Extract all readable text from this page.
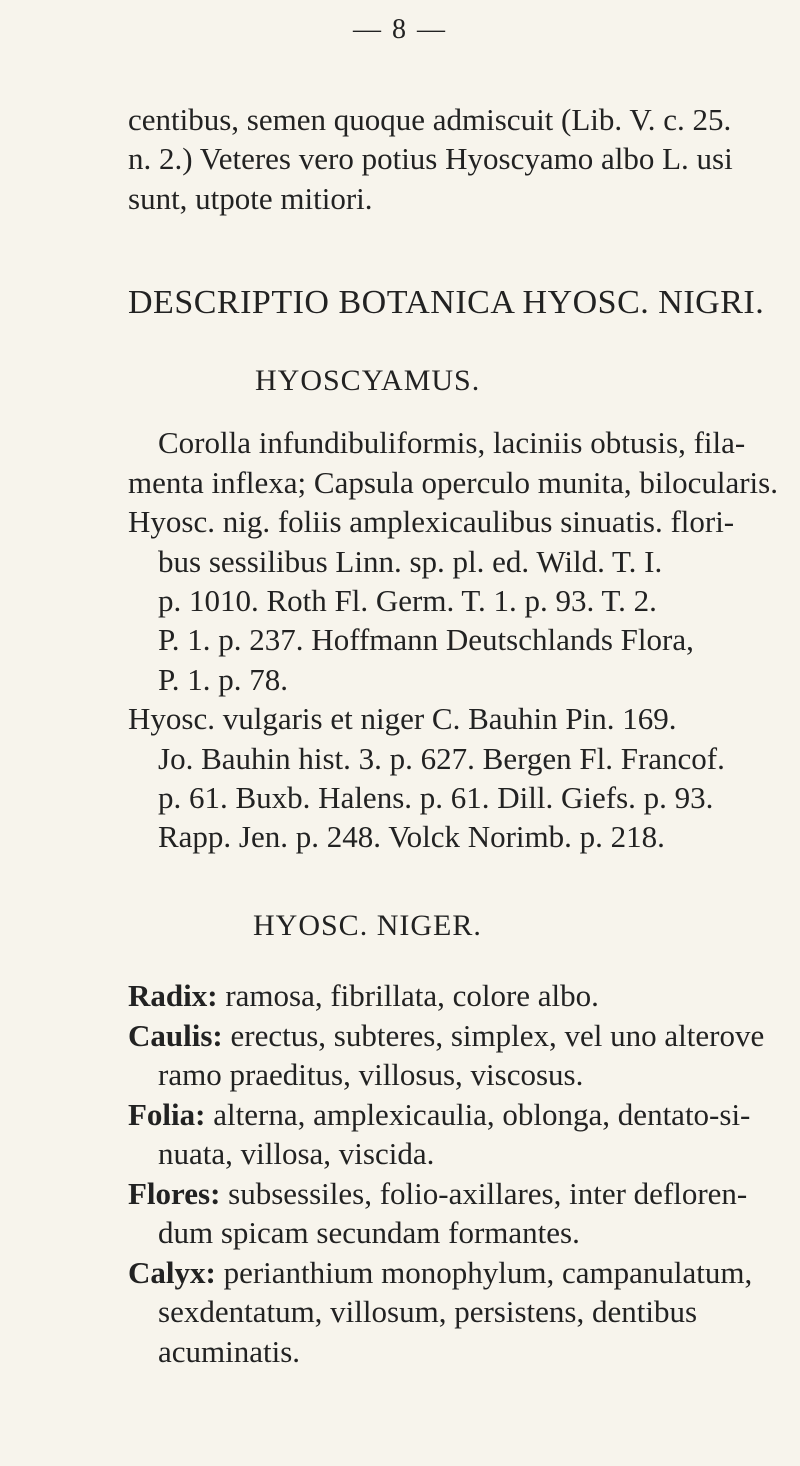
— 8 —
centibus, semen quoque admiscuit (Lib. V. c. 25.
n. 2.) Veteres vero potius Hyoscyamo albo L. usi
sunt, utpote mitiori.
DESCRIPTIO BOTANICA HYOSC. NIGRI.
HYOSCYAMUS.
Corolla infundibuliformis, laciniis obtusis, fila-
menta inflexa; Capsula operculo munita, bilocularis.
Hyosc. nig. foliis amplexicaulibus sinuatis. flori-
bus sessilibus Linn. sp. pl. ed. Wild. T. I.
p. 1010. Roth Fl. Germ. T. 1. p. 93. T. 2.
P. 1. p. 237. Hoffmann Deutschlands Flora,
P. 1. p. 78.
Hyosc. vulgaris et niger C. Bauhin Pin. 169.
Jo. Bauhin hist. 3. p. 627. Bergen Fl. Francof.
p. 61. Buxb. Halens. p. 61. Dill. Giefs. p. 93.
Rapp. Jen. p. 248. Volck Norimb. p. 218.
HYOSC. NIGER.
Radix: ramosa, fibrillata, colore albo.
Caulis: erectus, subteres, simplex, vel uno alterove
ramo praeditus, villosus, viscosus.
Folia: alterna, amplexicaulia, oblonga, dentato-si-
nuata, villosa, viscida.
Flores: subsessiles, folio-axillares, inter defloren-
dum spicam secundam formantes.
Calyx: perianthium monophylum, campanulatum,
sexdentatum, villosum, persistens, dentibus
acuminatis.
